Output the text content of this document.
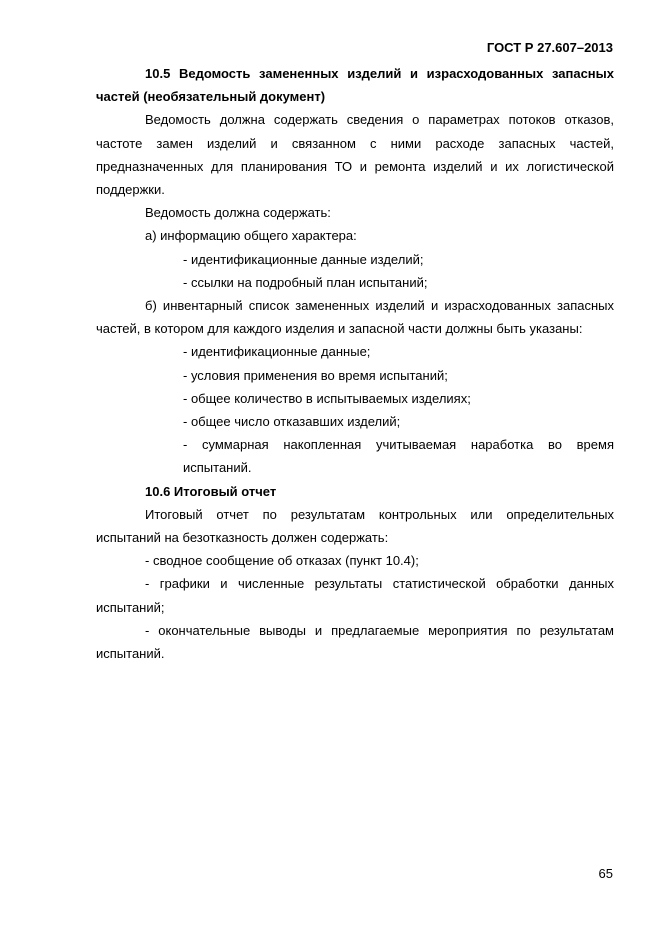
ГОСТ Р 27.607–2013

10.5 Ведомость замененных изделий и израсходованных запасных частей (необязательный документ)

Ведомость должна содержать сведения о параметрах потоков отказов, частоте замен изделий и связанном с ними расходе запасных частей, предназначенных для планирования ТО и ремонта изделий и их логистической поддержки.

Ведомость должна содержать:

а) информацию общего характера:

- идентификационные данные изделий;

- ссылки на подробный план испытаний;

б) инвентарный список замененных изделий и израсходованных запасных частей, в котором для каждого изделия и запасной части должны быть указаны:

- идентификационные данные;

- условия применения во время испытаний;

- общее количество в испытываемых изделиях;

- общее число отказавших изделий;

- суммарная накопленная учитываемая наработка во время испытаний.

10.6 Итоговый отчет

Итоговый отчет по результатам контрольных или определительных испытаний на безотказность должен содержать:

- сводное сообщение об отказах (пункт 10.4);

- графики и численные результаты статистической обработки данных испытаний;

- окончательные выводы и предлагаемые мероприятия по результатам испытаний.

65
